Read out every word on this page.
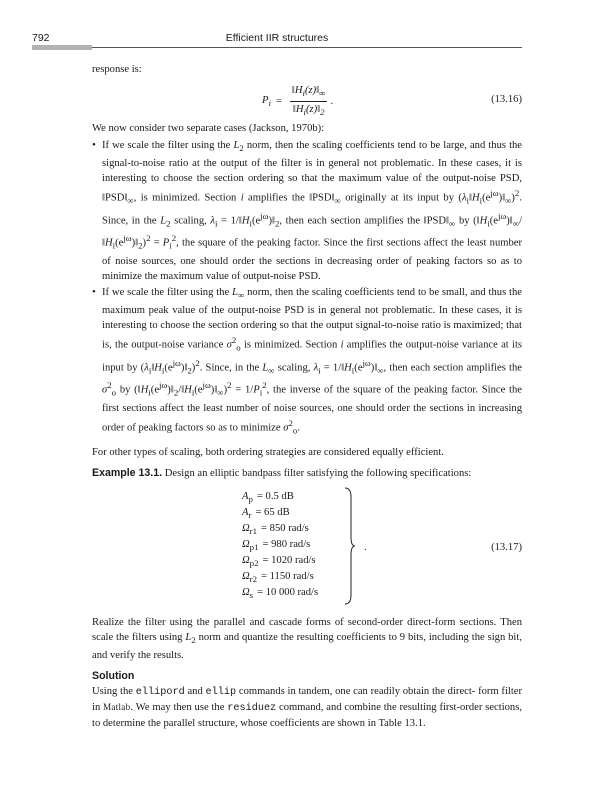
792	Efficient IIR structures

response is:

$P_i = \frac{‖H_i(z)‖_\infty}{‖H_i(z)‖_2}$ .	(13.16)

We now consider two separate cases (Jackson, 1970b):

• If we scale the filter using the $L_2$ norm, then the scaling coefficients tend to be large, and thus the signal-to-noise ratio at the output of the filter is in general not problematic. In these cases, it is interesting to choose the section ordering so that the maximum value of the output-noise PSD, $‖PSD‖_\infty$, is minimized. Section i amplifies the $‖PSD‖_\infty$ originally at its input by $(\lambda_i‖H_i(e^{j\omega})‖_\infty)^2$. Since, in the $L_2$ scaling, $\lambda_i$ = $1/‖H_i(e^{j\omega})‖_2$, then each section amplifies the $‖PSD‖_\infty$ by $(‖H_i(e^{j\omega})‖_\infty/‖H_i(e^{j\omega})‖_2)^2 = P_i^2$, the square of the peaking factor. Since the first sections affect the least number of noise sources, one should order the sections in decreasing order of peaking factors so as to minimize the maximum value of output-noise PSD.
• If we scale the filter using the $L_\infty$ norm, then the scaling coefficients tend to be small, and thus the maximum peak value of the output-noise PSD is in general not problematic. In these cases, it is interesting to choose the section ordering so that the output signal-to-noise ratio is maximized; that is, the output-noise variance $\sigma^2_o$ is minimized. Section i amplifies the output-noise variance at its input by $(\lambda_i‖H_i(e^{j\omega})‖_2)^2$. Since, in the $L_\infty$ scaling, $\lambda_i$ = $1/‖H_i(e^{j\omega})‖_\infty$, then each section amplifies the $\sigma^2_o$ by $(‖H_i(e^{j\omega})‖_2/‖H_i(e^{j\omega})‖_\infty)^2 = 1/P_i^2$, the inverse of the square of the peaking factor. Since the first sections affect the least number of noise sources, one should order the sections in increasing order of peaking factors so as to minimize $\sigma^2_o$.

For other types of scaling, both ordering strategies are considered equally efficient.

Example 13.1. Design an elliptic bandpass filter satisfying the following specifications:

$A_p = 0.5$ dB
$A_r = 65$ dB
$\Omega_{r1} = 850$ rad/s
$\Omega_{p1} = 980$ rad/s
$\Omega_{p2} = 1020$ rad/s
$\Omega_{r2} = 1150$ rad/s
$\Omega_s = 10$ 000 rad/s
.	(13.17)

Realize the filter using the parallel and cascade forms of second-order direct-form sections. Then scale the filters using $L_2$ norm and quantize the resulting coefficients to 9 bits, including the sign bit, and verify the results.

Solution

Using the ellipord and ellip commands in tandem, one can readily obtain the direct- form filter in Matlab. We may then use the residuez command, and combine the resulting first-order sections, to determine the parallel structure, whose coefficients are shown in Table 13.1.
